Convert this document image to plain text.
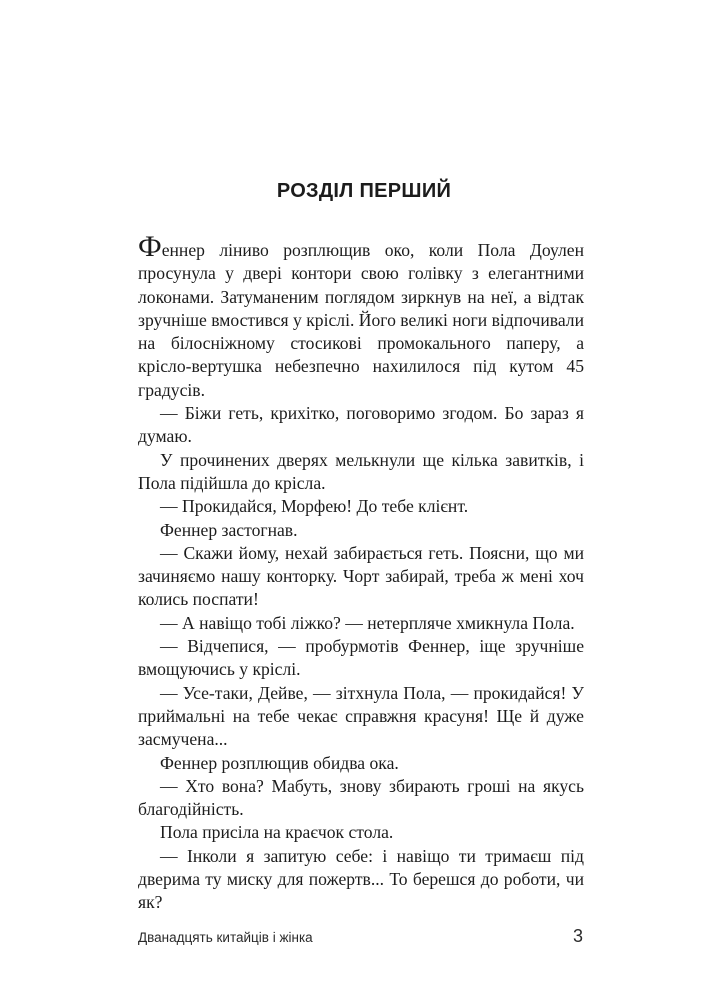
РОЗДІЛ ПЕРШИЙ

Феннер ліниво розплющив око, коли Пола Доулен просунула у двері контори свою голівку з елегантними локонами. Затуманеним поглядом зиркнув на неї, а відтак зручніше вмостився у кріслі. Його великі ноги відпочивали на білосніжному стосикові промокального паперу, а крісло-вертушка небезпечно нахилилося під кутом 45 градусів.

— Біжи геть, крихітко, поговоримо згодом. Бо зараз я думаю.

У прочинених дверях мелькнули ще кілька завитків, і Пола підійшла до крісла.

— Прокидайся, Морфею! До тебе клієнт.

Феннер застогнав.

— Скажи йому, нехай забирається геть. Поясни, що ми зачиняємо нашу конторку. Чорт забирай, треба ж мені хоч колись поспати!

— А навіщо тобі ліжко? — нетерпляче хмикнула Пола.

— Відчепися, — пробурмотів Феннер, іще зручніше вмощуючись у кріслі.

— Усе-таки, Дейве, — зітхнула Пола, — прокидайся! У приймальні на тебе чекає справжня красуня! Ще й дуже засмучена...

Феннер розплющив обидва ока.

— Хто вона? Мабуть, знову збирають гроші на якусь благодійність.

Пола присіла на краєчок стола.

— Інколи я запитую себе: і навіщо ти тримаєш під дверима ту миску для пожертв... То берешся до роботи, чи як?

Дванадцять китайців і жінка	3
